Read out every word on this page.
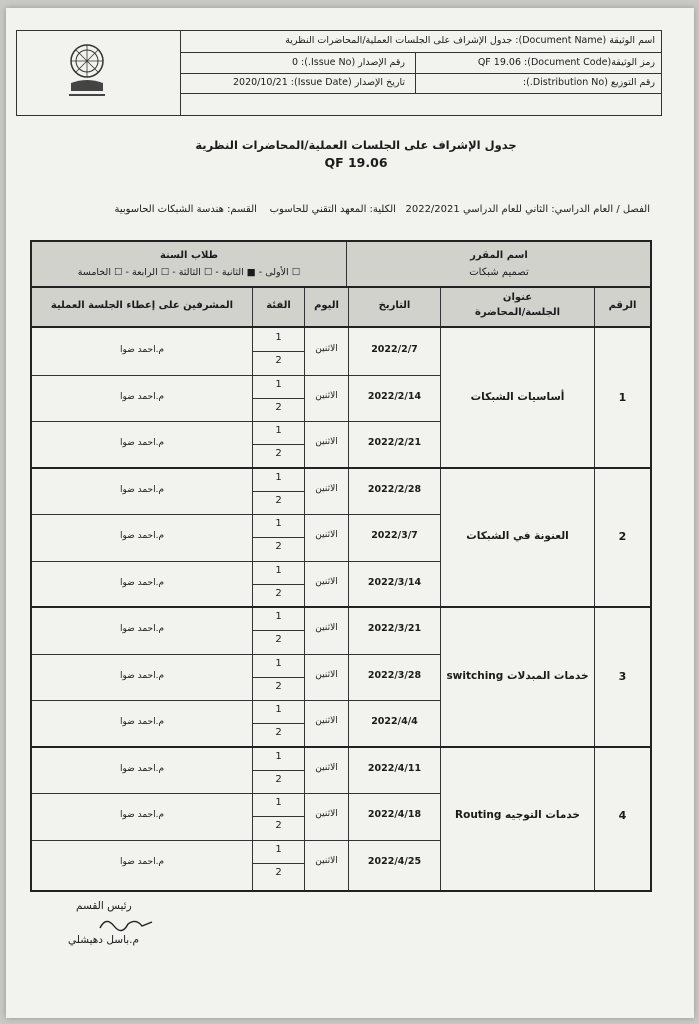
اسم الوثيقة (Document Name): جدول الإشراف على الجلسات العملية/المحاضرات النظرية
رمز الوثيقة(Document Code): QF 19.06
رقم الإصدار (Issue No.): 0
رقم التوزيع (Distribution No.):
تاريخ الإصدار (Issue Date): 2020/10/21
جدول الإشراف على الجلسات العملية/المحاضرات النظرية
QF 19.06
الفصل / العام الدراسي: الثاني للعام الدراسي 2022/2021   الكلية: المعهد التقني للحاسوب    القسم: هندسة الشبكات الحاسوبية
اسم المقرر
تصميم شبكات
طلاب السنة
☐ الأولى - ■ الثانية - ☐ الثالثة - ☐ الرابعة - ☐ الخامسة
الرقم
عنوان
الجلسة/المحاضرة
التاريخ
اليوم
الفئة
المشرفين على إعطاء الجلسة العملية
1
أساسيات الشبكات
2022/2/7
الاثنين
1
2
م.احمد ضوا
2022/2/14
الاثنين
1
2
م.احمد ضوا
2022/2/21
الاثنين
1
2
م.احمد ضوا
2
العنونة في الشبكات
2022/2/28
الاثنين
1
2
م.احمد ضوا
2022/3/7
الاثنين
1
2
م.احمد ضوا
2022/3/14
الاثنين
1
2
م.احمد ضوا
3
خدمات المبدلات switching
2022/3/21
الاثنين
1
2
م.احمد ضوا
2022/3/28
الاثنين
1
2
م.احمد ضوا
2022/4/4
الاثنين
1
2
م.احمد ضوا
4
خدمات التوجيه Routing
2022/4/11
الاثنين
1
2
م.احمد ضوا
2022/4/18
الاثنين
1
2
م.احمد ضوا
2022/4/25
الاثنين
1
2
م.احمد ضوا
رئيس القسم
م.باسل دهيشلي
